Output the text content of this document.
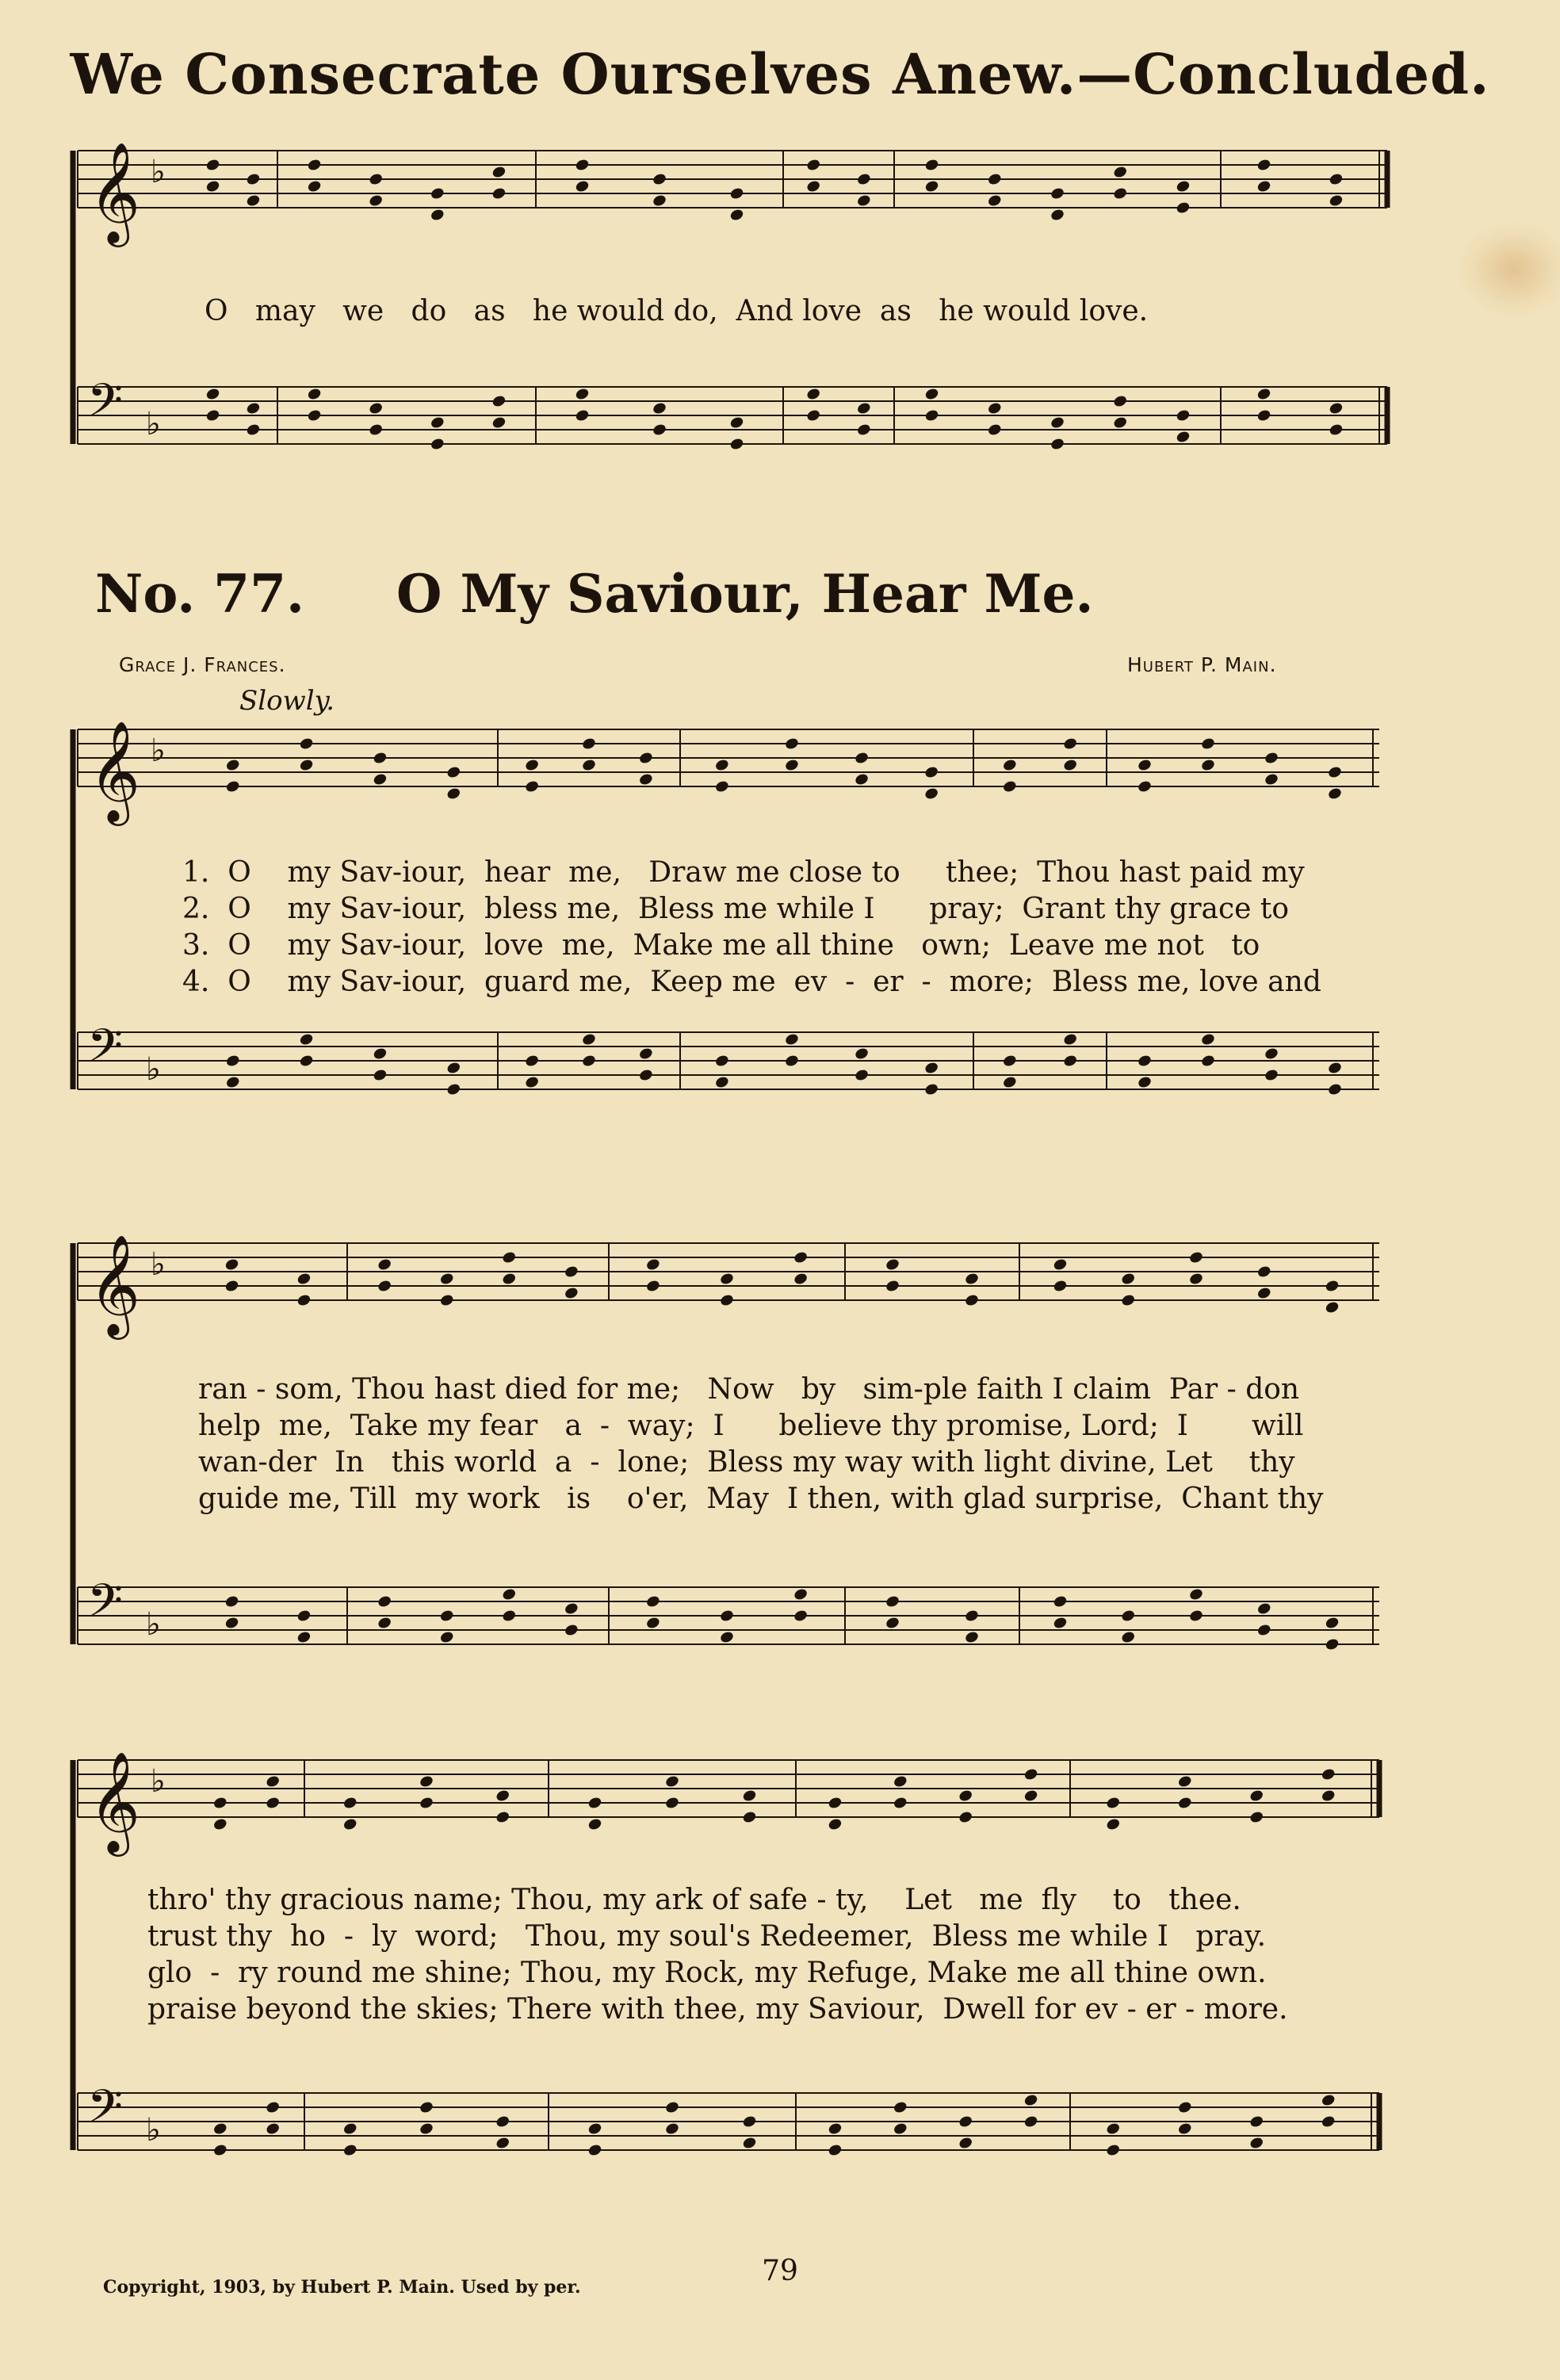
We Consecrate Ourselves Anew.—Concluded.
𝄞
𝄢
♭
♭
𝄞
𝄢
♭
♭
𝄞
𝄢
♭
♭
𝄞
𝄢
♭
♭
O   may   we   do   as   he would do,  And love  as   he would love.
No. 77. O My Saviour, Hear Me.
Grace J. Frances.	Hubert P. Main.
Slowly.

1.  O    my Sav-iour,  hear  me,   Draw me close to     thee;  Thou hast paid my

2.  O    my Sav-iour,  bless me,  Bless me while I      pray;  Grant thy grace to

3.  O    my Sav-iour,  love  me,  Make me all thine   own;  Leave me not   to

4.  O    my Sav-iour,  guard me,  Keep me  ev  -  er  -  more;  Bless me, love and

ran - som, Thou hast died for me;   Now   by   sim-ple faith I claim  Par - don

help  me,  Take my fear   a  -  way;  I      believe thy promise, Lord;  I       will

wan-der  In   this world  a  -  lone;  Bless my way with light divine, Let    thy

guide me, Till  my work   is    o'er,  May  I then, with glad surprise,  Chant thy

thro' thy gracious name; Thou, my ark of safe - ty,    Let   me  fly    to   thee.

trust thy  ho  -  ly  word;   Thou, my soul's Redeemer,  Bless me while I   pray.

glo  -  ry round me shine; Thou, my Rock, my Refuge, Make me all thine own.

praise beyond the skies; There with thee, my Saviour,  Dwell for ev - er - more.

79
Copyright, 1903, by Hubert P. Main. Used by per.
